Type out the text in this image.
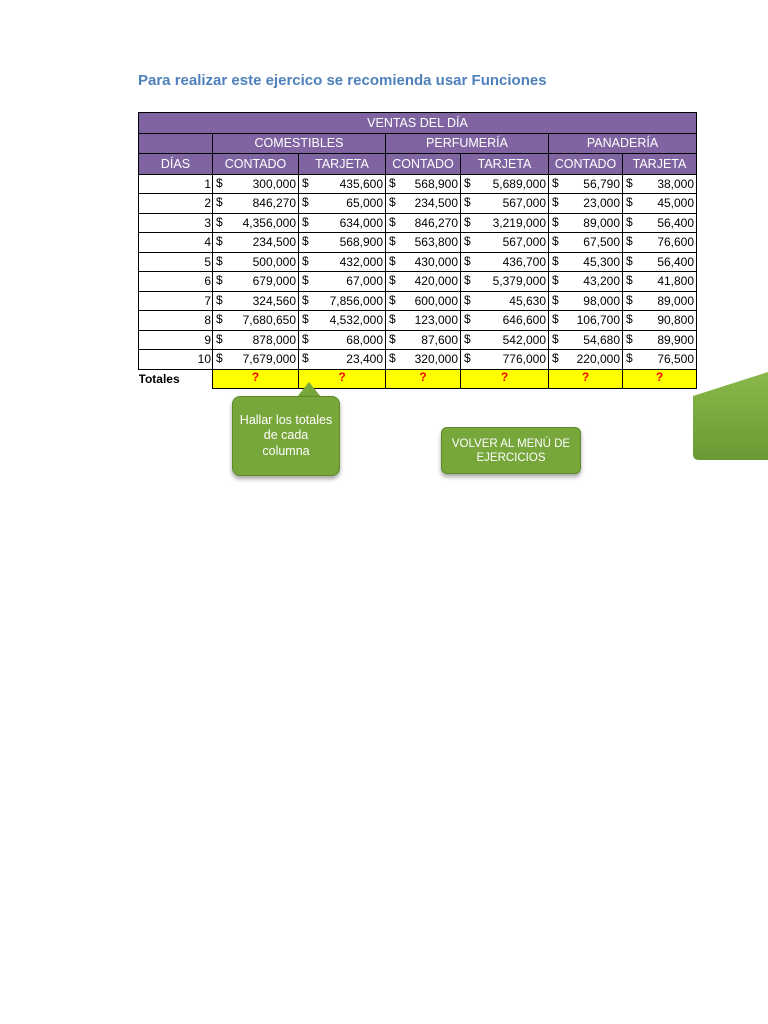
Para realizar este ejercico se recomienda usar Funciones
VENTAS DEL DÍA						
	COMESTIBLES		PERFUMERÍA		PANADERÍA	
DÍAS	CONTADO	TARJETA	CONTADO	TARJETA	CONTADO	TARJETA
1	$ 300,000	$ 435,600	$ 568,900	$ 5,689,000	$ 56,790	$ 38,000

2	$ 846,270	$ 65,000	$ 234,500	$ 567,000	$ 23,000	$ 45,000

3	$ 4,356,000	$ 634,000	$ 846,270	$ 3,219,000	$ 89,000	$ 56,400

4	$ 234,500	$ 568,900	$ 563,800	$ 567,000	$ 67,500	$ 76,600

5	$ 500,000	$ 432,000	$ 430,000	$ 436,700	$ 45,300	$ 56,400

6	$ 679,000	$ 67,000	$ 420,000	$ 5,379,000	$ 43,200	$ 41,800

7	$ 324,560	$ 7,856,000	$ 600,000	$ 45,630	$ 98,000	$ 89,000

8	$ 7,680,650	$ 4,532,000	$ 123,000	$ 646,600	$ 106,700	$ 90,800

9	$ 878,000	$ 68,000	$ 87,600	$ 542,000	$ 54,680	$ 89,900

10	$ 7,679,000	$ 23,400	$ 320,000	$ 776,000	$ 220,000	$ 76,500

Totales	?	?	?	?	?	?
Hallar los totales de cada columna
VOLVER AL MENÚ DE EJERCICIOS
